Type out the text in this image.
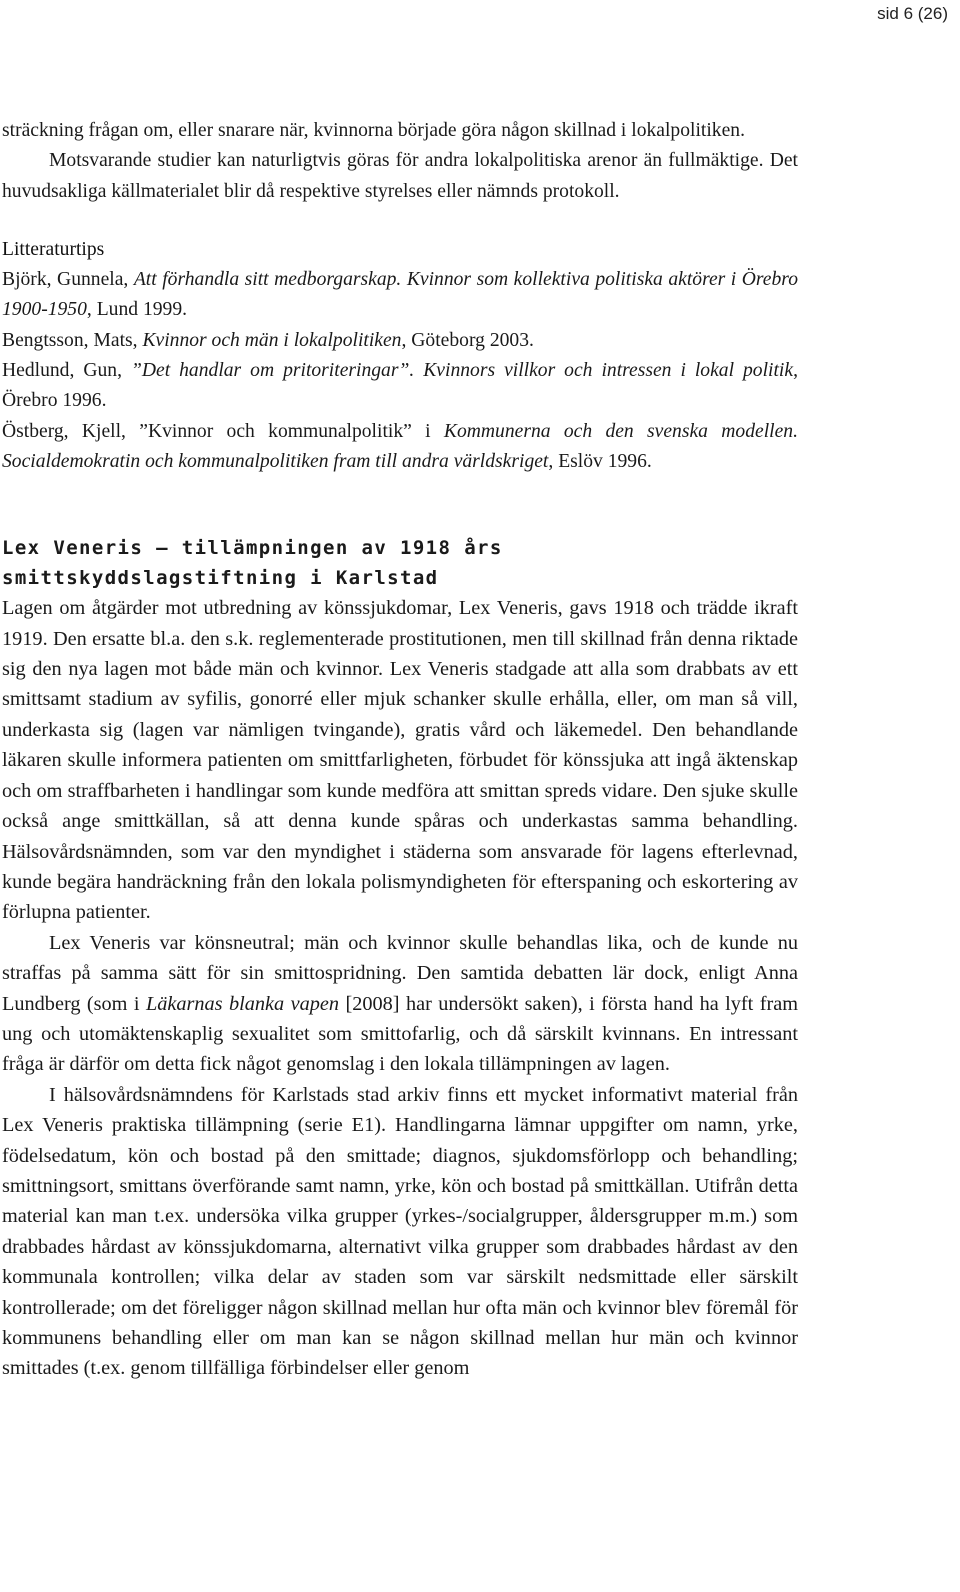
sid 6 (26)

sträckning frågan om, eller snarare när, kvinnorna började göra någon skillnad i lokalpolitiken.

Motsvarande studier kan naturligtvis göras för andra lokalpolitiska arenor än fullmäktige. Det huvudsakliga källmaterialet blir då respektive styrelses eller nämnds protokoll.

Litteraturtips

Björk, Gunnela, Att förhandla sitt medborgarskap. Kvinnor som kollektiva politiska aktörer i Örebro 1900-1950, Lund 1999.

Bengtsson, Mats, Kvinnor och män i lokalpolitiken, Göteborg 2003.

Hedlund, Gun, ”Det handlar om pritoriteringar”. Kvinnors villkor och intressen i lokal politik, Örebro 1996.

Östberg, Kjell, ”Kvinnor och kommunalpolitik” i Kommunerna och den svenska modellen. Socialdemokratin och kommunalpolitiken fram till andra världskriget, Eslöv 1996.

Lex Veneris – tillämpningen av 1918 års smittskyddslagstiftning i Karlstad

Lagen om åtgärder mot utbredning av könssjukdomar, Lex Veneris, gavs 1918 och trädde ikraft 1919. Den ersatte bl.a. den s.k. reglementerade prostitutionen, men till skillnad från denna riktade sig den nya lagen mot både män och kvinnor. Lex Veneris stadgade att alla som drabbats av ett smittsamt stadium av syfilis, gonorré eller mjuk schanker skulle erhålla, eller, om man så vill, underkasta sig (lagen var nämligen tvingande), gratis vård och läkemedel. Den behandlande läkaren skulle informera patienten om smittfarligheten, förbudet för könssjuka att ingå äktenskap och om straffbarheten i handlingar som kunde medföra att smittan spreds vidare. Den sjuke skulle också ange smittkällan, så att denna kunde spåras och underkastas samma behandling. Hälsovårdsnämnden, som var den myndighet i städerna som ansvarade för lagens efterlevnad, kunde begära handräckning från den lokala polismyndigheten för efterspaning och eskortering av förlupna patienter.

Lex Veneris var könsneutral; män och kvinnor skulle behandlas lika, och de kunde nu straffas på samma sätt för sin smittospridning. Den samtida debatten lär dock, enligt Anna Lundberg (som i Läkarnas blanka vapen [2008] har undersökt saken), i första hand ha lyft fram ung och utomäktenskaplig sexualitet som smittofarlig, och då särskilt kvinnans. En intressant fråga är därför om detta fick något genomslag i den lokala tillämpningen av lagen.

I hälsovårdsnämndens för Karlstads stad arkiv finns ett mycket informativt material från Lex Veneris praktiska tillämpning (serie E1). Handlingarna lämnar uppgifter om namn, yrke, födelsedatum, kön och bostad på den smittade; diagnos, sjukdomsförlopp och behandling; smittningsort, smittans överförande samt namn, yrke, kön och bostad på smittkällan. Utifrån detta material kan man t.ex. undersöka vilka grupper (yrkes-/socialgrupper, åldersgrupper m.m.) som drabbades hårdast av könssjukdomarna, alternativt vilka grupper som drabbades hårdast av den kommunala kontrollen; vilka delar av staden som var särskilt nedsmittade eller särskilt kontrollerade; om det föreligger någon skillnad mellan hur ofta män och kvinnor blev föremål för kommunens behandling eller om man kan se någon skillnad mellan hur män och kvinnor smittades (t.ex. genom tillfälliga förbindelser eller genom
